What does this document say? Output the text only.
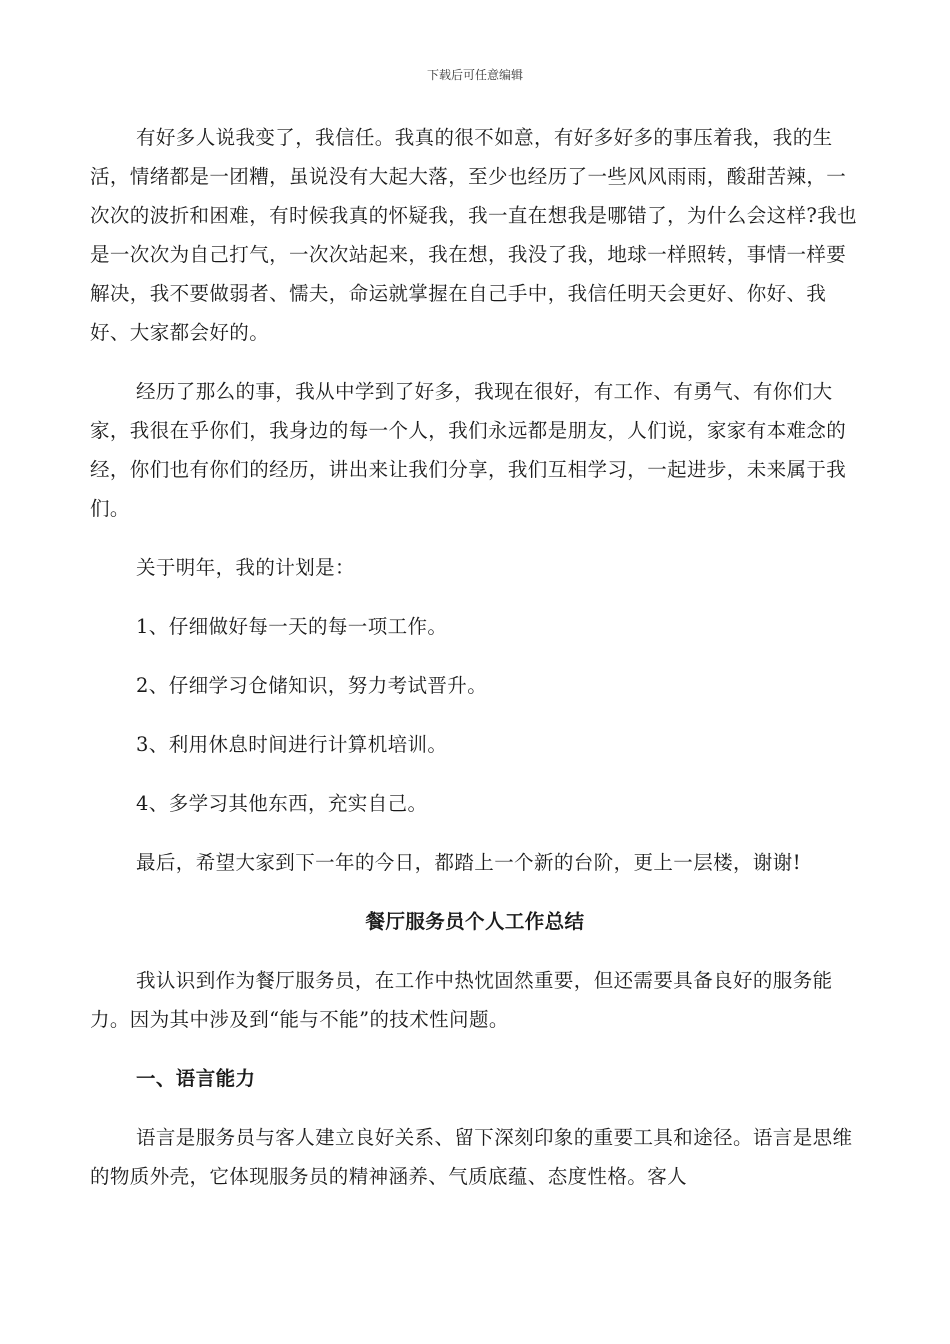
下载后可任意编辑

有好多人说我变了，我信任。我真的很不如意，有好多好多的事压着我，我的生活，情绪都是一团糟，虽说没有大起大落，至少也经历了一些风风雨雨，酸甜苦辣，一次次的波折和困难，有时候我真的怀疑我，我一直在想我是哪错了，为什么会这样?我也是一次次为自己打气，一次次站起来，我在想，我没了我，地球一样照转，事情一样要解决，我不要做弱者、懦夫，命运就掌握在自己手中，我信任明天会更好、你好、我好、大家都会好的。

经历了那么的事，我从中学到了好多，我现在很好，有工作、有勇气、有你们大家，我很在乎你们，我身边的每一个人，我们永远都是朋友，人们说，家家有本难念的经，你们也有你们的经历，讲出来让我们分享，我们互相学习，一起进步，未来属于我们。

关于明年，我的计划是：

1、仔细做好每一天的每一项工作。

2、仔细学习仓储知识，努力考试晋升。

3、利用休息时间进行计算机培训。

4、多学习其他东西，充实自己。

最后，希望大家到下一年的今日，都踏上一个新的台阶，更上一层楼，谢谢!

餐厅服务员个人工作总结

我认识到作为餐厅服务员，在工作中热忱固然重要，但还需要具备良好的服务能力。因为其中涉及到“能与不能”的技术性问题。

一、语言能力

语言是服务员与客人建立良好关系、留下深刻印象的重要工具和途径。语言是思维的物质外壳，它体现服务员的精神涵养、气质底蕴、态度性格。客人
